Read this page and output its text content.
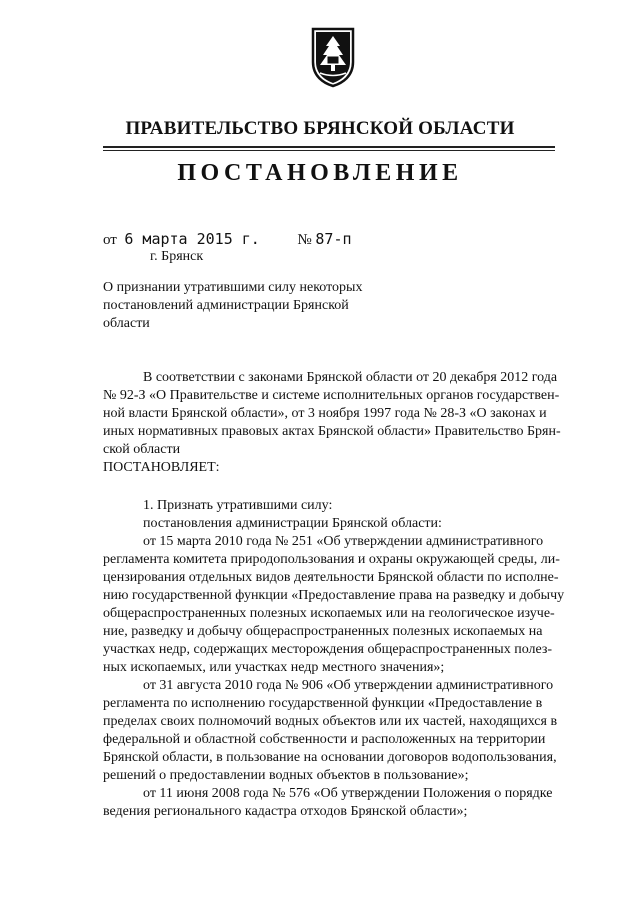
ПРАВИТЕЛЬСТВО БРЯНСКОЙ ОБЛАСТИ
ПОСТАНОВЛЕНИЕ
от 6 марта 2015 г.	№ 87-п
г. Брянск
О признании утратившими силу некоторых
постановлений администрации Брянской
области
В соответствии с законами Брянской области от 20 декабря 2012 года
№ 92-З «О Правительстве и системе исполнительных органов государствен-
ной власти Брянской области», от 3 ноября 1997 года № 28-З «О законах и
иных нормативных правовых актах Брянской области» Правительство Брян-
ской области
ПОСТАНОВЛЯЕТ:
1. Признать утратившими силу:
постановления администрации Брянской области:
от 15 марта 2010 года № 251 «Об утверждении административного
регламента комитета природопользования и охраны окружающей среды, ли-
цензирования отдельных видов деятельности Брянской области по исполне-
нию государственной функции «Предоставление права на разведку и добычу
общераспространенных полезных ископаемых или на геологическое изуче-
ние, разведку и добычу общераспространенных полезных ископаемых на
участках недр, содержащих месторождения общераспространенных полез-
ных ископаемых, или участках недр местного значения»;
от 31 августа 2010 года № 906 «Об утверждении административного
регламента по исполнению государственной функции «Предоставление в
пределах своих полномочий водных объектов или их частей, находящихся в
федеральной и областной собственности и расположенных на территории
Брянской области, в пользование на основании договоров водопользования,
решений о предоставлении водных объектов в пользование»;
от 11 июня 2008 года № 576 «Об утверждении Положения о порядке
ведения регионального кадастра отходов Брянской области»;
